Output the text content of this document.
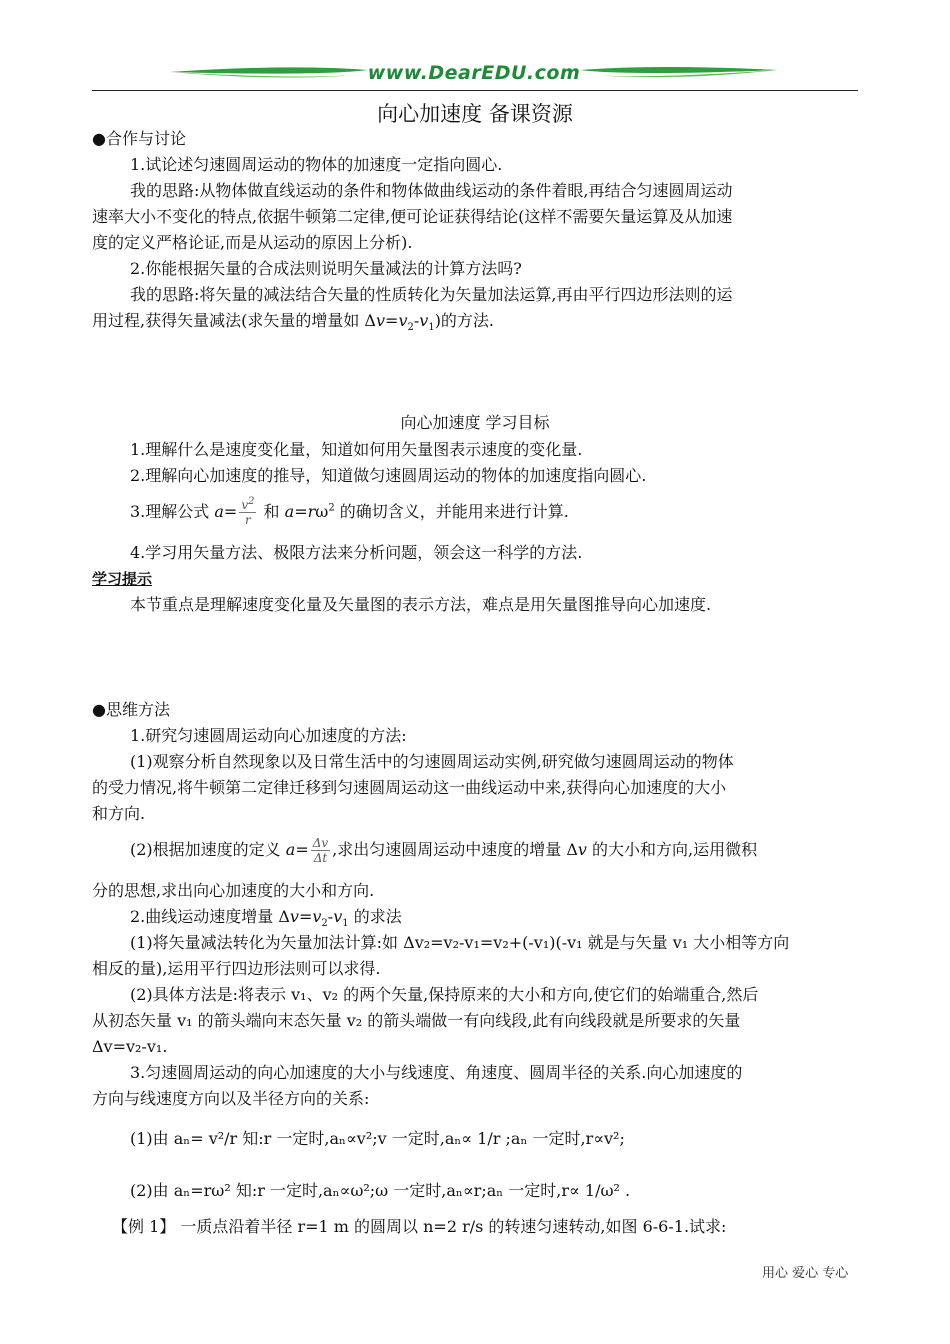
www.DearEDU.com
向心加速度 备课资源
●合作与讨论
1.试论述匀速圆周运动的物体的加速度一定指向圆心.
我的思路:从物体做直线运动的条件和物体做曲线运动的条件着眼,再结合匀速圆周运动
速率大小不变化的特点,依据牛顿第二定律,便可论证获得结论(这样不需要矢量运算及从加速
度的定义严格论证,而是从运动的原因上分析).
2.你能根据矢量的合成法则说明矢量减法的计算方法吗?
我的思路:将矢量的减法结合矢量的性质转化为矢量加法运算,再由平行四边形法则的运
用过程,获得矢量减法(求矢量的增量如 $\Delta v=v_2-v_1$)的方法.
向心加速度 学习目标
1.理解什么是速度变化量，知道如何用矢量图表示速度的变化量.
2.理解向心加速度的推导，知道做匀速圆周运动的物体的加速度指向圆心.
3.理解公式 $a= \frac{v^2}{r}$ 和 $a=r\omega^2$ 的确切含义，并能用来进行计算.
4.学习用矢量方法、极限方法来分析问题，领会这一科学的方法.
学习提示
本节重点是理解速度变化量及矢量图的表示方法，难点是用矢量图推导向心加速度.
●思维方法
1.研究匀速圆周运动向心加速度的方法:
(1)观察分析自然现象以及日常生活中的匀速圆周运动实例,研究做匀速圆周运动的物体
的受力情况,将牛顿第二定律迁移到匀速圆周运动这一曲线运动中来,获得向心加速度的大小
和方向.
(2)根据加速度的定义 $a= \frac{\Delta v}{\Delta t}$ ,求出匀速圆周运动中速度的增量 Δv 的大小和方向,运用微积
分的思想,求出向心加速度的大小和方向.
2.曲线运动速度增量 $\Delta v=v_2-v_1$ 的求法
(1)将矢量减法转化为矢量加法计算:如 Δv₂=v₂-v₁=v₂+(-v₁)(-v₁ 就是与矢量 v₁ 大小相等方向
相反的量),运用平行四边形法则可以求得.
(2)具体方法是:将表示 v₁、v₂ 的两个矢量,保持原来的大小和方向,使它们的始端重合,然后
从初态矢量 v₁ 的箭头端向末态矢量 v₂ 的箭头端做一有向线段,此有向线段就是所要求的矢量
Δv=v₂-v₁.
3.匀速圆周运动的向心加速度的大小与线速度、角速度、圆周半径的关系.向心加速度的
方向与线速度方向以及半径方向的关系:
(1)由 aₙ= v²/r 知:r 一定时,aₙ∝v²;v 一定时,aₙ∝ 1/r ;aₙ 一定时,r∝v²;
(2)由 aₙ=rω² 知:r 一定时,aₙ∝ω²;ω 一定时,aₙ∝r;aₙ 一定时,r∝ 1/ω² .
【例 1】 一质点沿着半径 r=1 m 的圆周以 n=2 r/s 的转速匀速转动,如图 6-6-1.试求:
用心 爱心 专心
